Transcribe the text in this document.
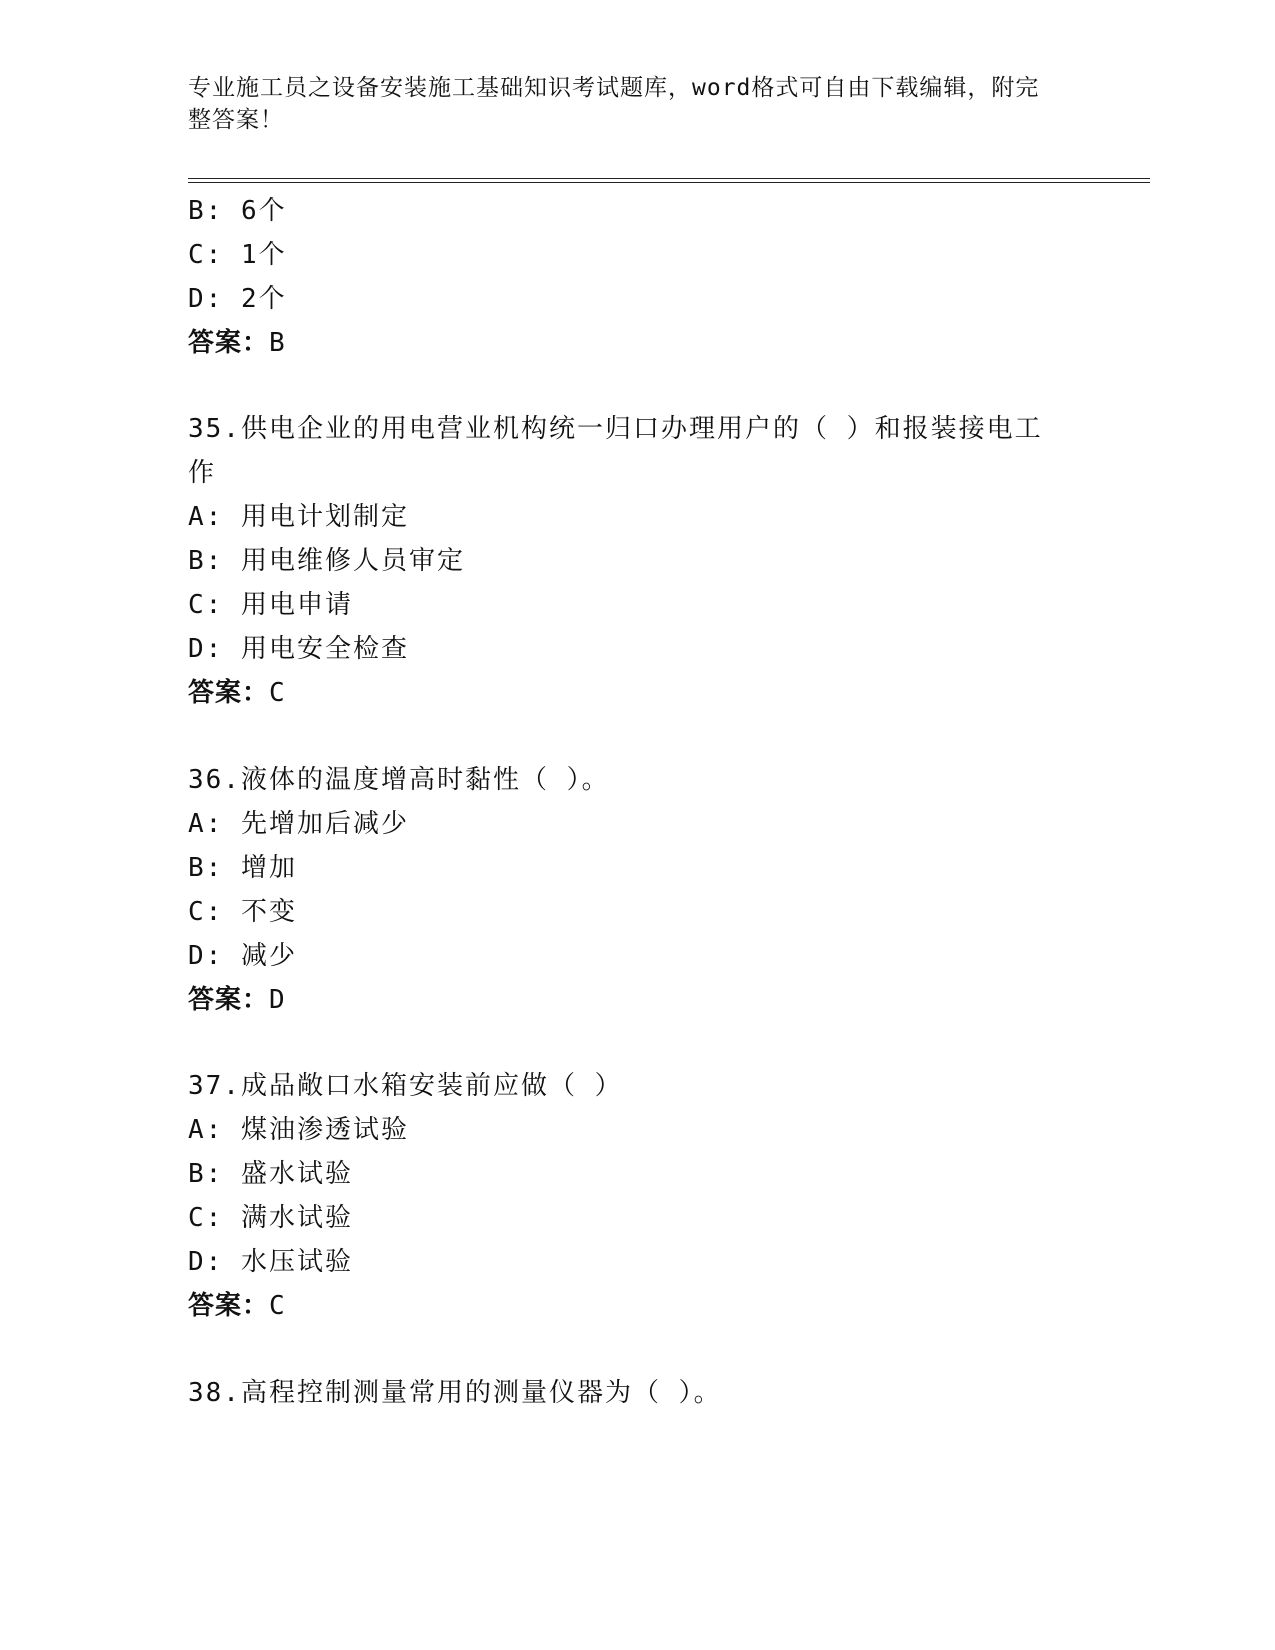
专业施工员之设备安装施工基础知识考试题库，word格式可自由下载编辑，附完
整答案！
B: 6个
C: 1个
D: 2个
答案：B
35.供电企业的用电营业机构统一归口办理用户的（ ）和报装接电工
作
A: 用电计划制定
B: 用电维修人员审定
C: 用电申请
D: 用电安全检查
答案：C
36.液体的温度增高时黏性（ ）。
A: 先增加后减少
B: 增加
C: 不变
D: 减少
答案：D
37.成品敞口水箱安装前应做（ ）
A: 煤油渗透试验
B: 盛水试验
C: 满水试验
D: 水压试验
答案：C
38.高程控制测量常用的测量仪器为（ ）。
